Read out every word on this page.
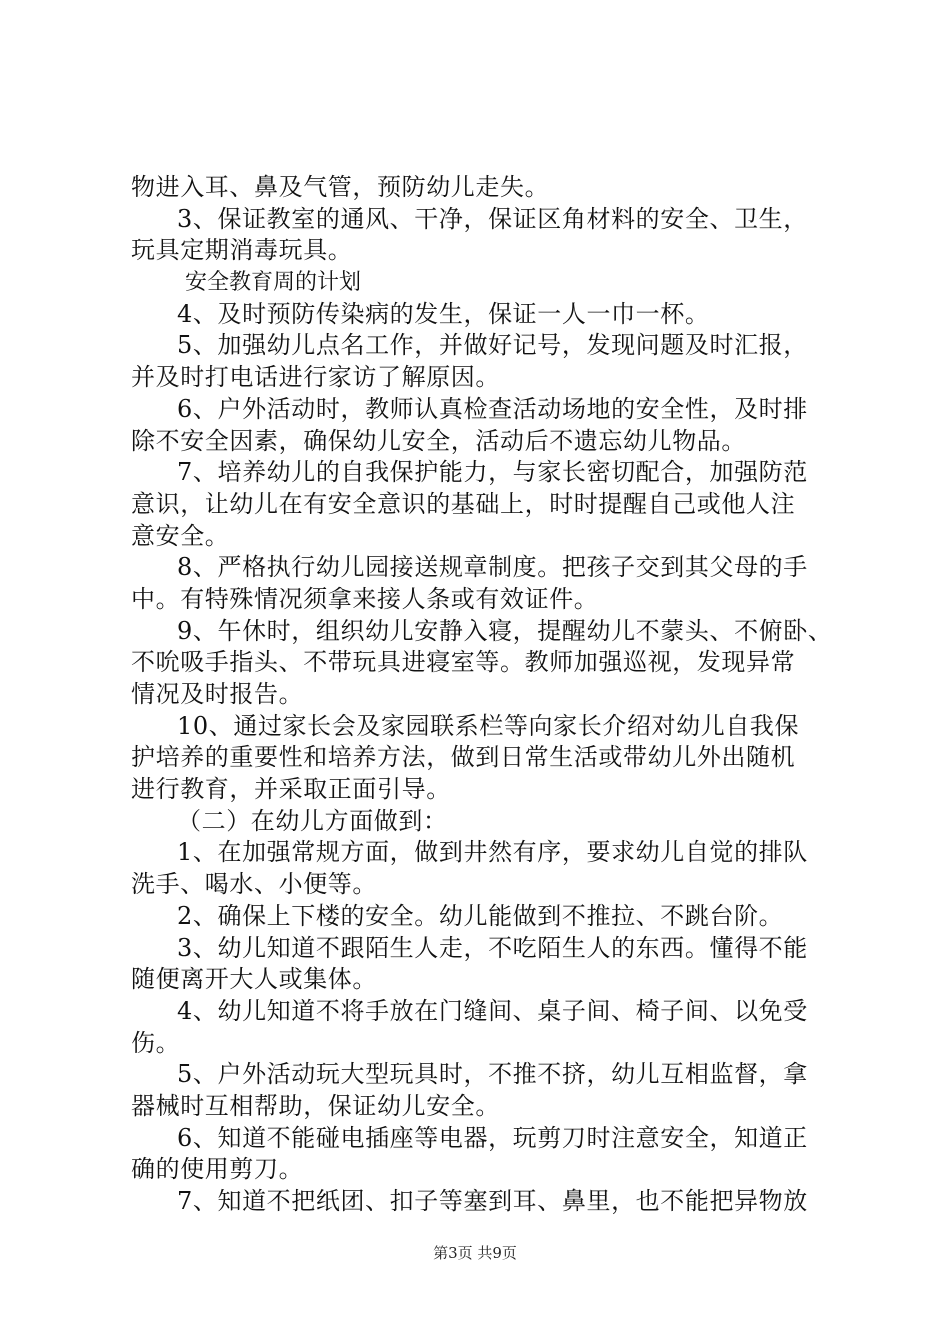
物进入耳、鼻及气管，预防幼儿走失。
3、保证教室的通风、干净，保证区角材料的安全、卫生，
玩具定期消毒玩具。
安全教育周的计划
4、及时预防传染病的发生，保证一人一巾一杯。
5、加强幼儿点名工作，并做好记号，发现问题及时汇报，
并及时打电话进行家访了解原因。
6、户外活动时，教师认真检查活动场地的安全性，及时排
除不安全因素，确保幼儿安全，活动后不遗忘幼儿物品。
7、培养幼儿的自我保护能力，与家长密切配合，加强防范
意识，让幼儿在有安全意识的基础上，时时提醒自己或他人注
意安全。
8、严格执行幼儿园接送规章制度。把孩子交到其父母的手
中。有特殊情况须拿来接人条或有效证件。
9、午休时，组织幼儿安静入寝，提醒幼儿不蒙头、不俯卧、
不吮吸手指头、不带玩具进寝室等。教师加强巡视，发现异常
情况及时报告。
10、通过家长会及家园联系栏等向家长介绍对幼儿自我保
护培养的重要性和培养方法，做到日常生活或带幼儿外出随机
进行教育，并采取正面引导。
（二）在幼儿方面做到：
1、在加强常规方面，做到井然有序，要求幼儿自觉的排队
洗手、喝水、小便等。
2、确保上下楼的安全。幼儿能做到不推拉、不跳台阶。
3、幼儿知道不跟陌生人走，不吃陌生人的东西。懂得不能
随便离开大人或集体。
4、幼儿知道不将手放在门缝间、桌子间、椅子间、以免受
伤。
5、户外活动玩大型玩具时，不推不挤，幼儿互相监督，拿
器械时互相帮助，保证幼儿安全。
6、知道不能碰电插座等电器，玩剪刀时注意安全，知道正
确的使用剪刀。
7、知道不把纸团、扣子等塞到耳、鼻里，也不能把异物放
第3页 共9页
